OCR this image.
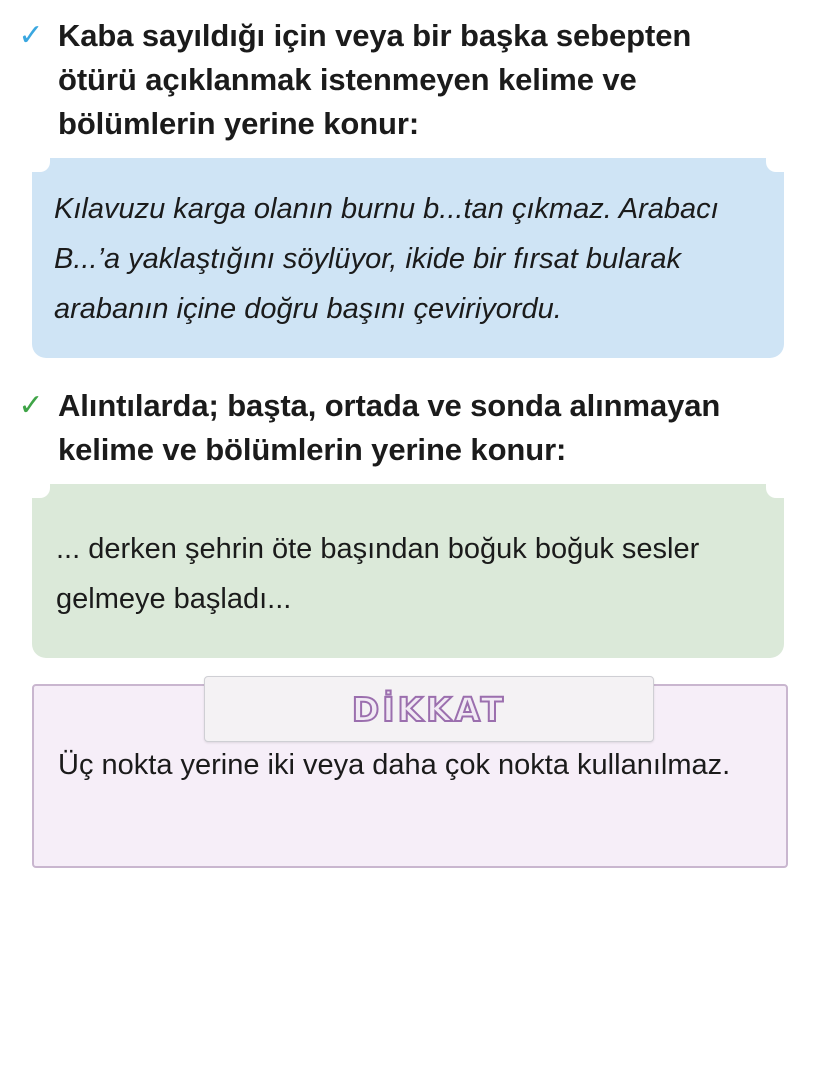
✓ Kaba sayıldığı için veya bir başka sebepten ötürü açıklanmak istenmeyen kelime ve bölümlerin yerine konur:
Kılavuzu karga olanın burnu b...tan çıkmaz. Arabacı B...’a yaklaştığını söylüyor, ikide bir fırsat bularak arabanın içine doğru başını çeviriyordu.
✓ Alıntılarda; başta, ortada ve sonda alınmayan kelime ve bölümlerin yerine konur:
... derken şehrin öte başından boğuk boğuk sesler gelmeye başladı...
Üç nokta yerine iki veya daha çok nokta kullanılmaz.
DİKKAT
